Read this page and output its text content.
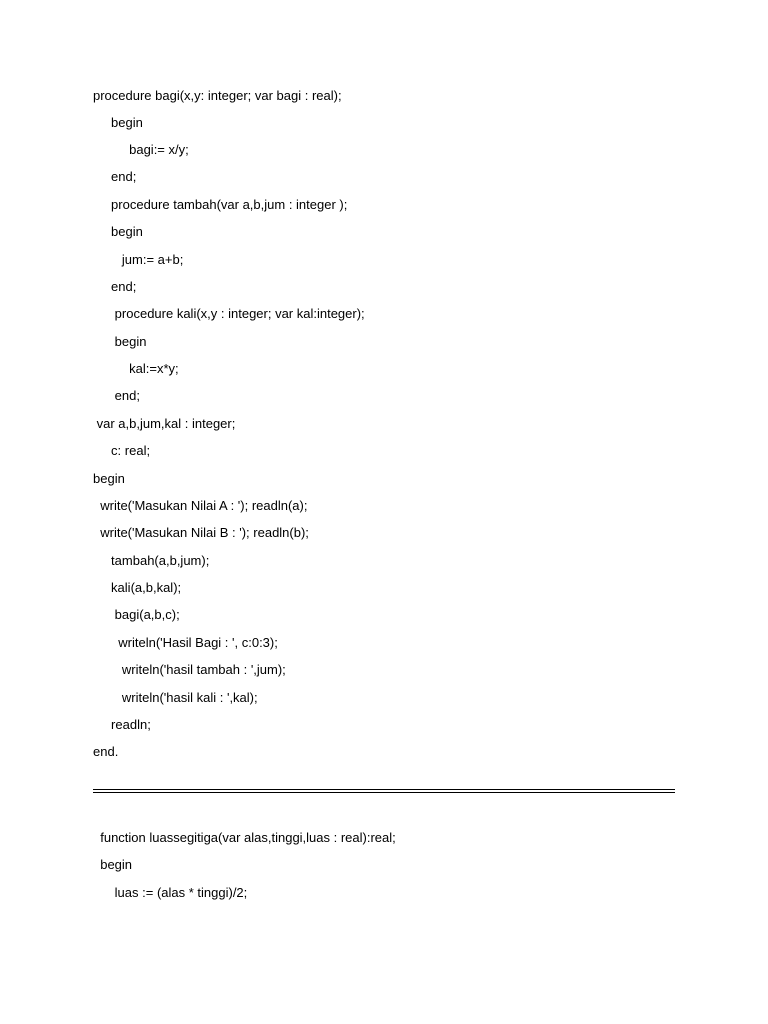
procedure bagi(x,y: integer; var bagi : real);
begin
bagi:= x/y;
end;
procedure tambah(var a,b,jum : integer );
begin
jum:= a+b;
end;
procedure kali(x,y : integer; var kal:integer);
begin
kal:=x*y;
end;
var a,b,jum,kal : integer;
c: real;
begin
write('Masukan Nilai A : '); readln(a);
write('Masukan Nilai B : '); readln(b);
tambah(a,b,jum);
kali(a,b,kal);
bagi(a,b,c);
writeln('Hasil Bagi : ', c:0:3);
writeln('hasil tambah : ',jum);
writeln('hasil kali : ',kal);
readln;
end.
function luassegitiga(var alas,tinggi,luas : real):real;
begin
luas := (alas * tinggi)/2;
